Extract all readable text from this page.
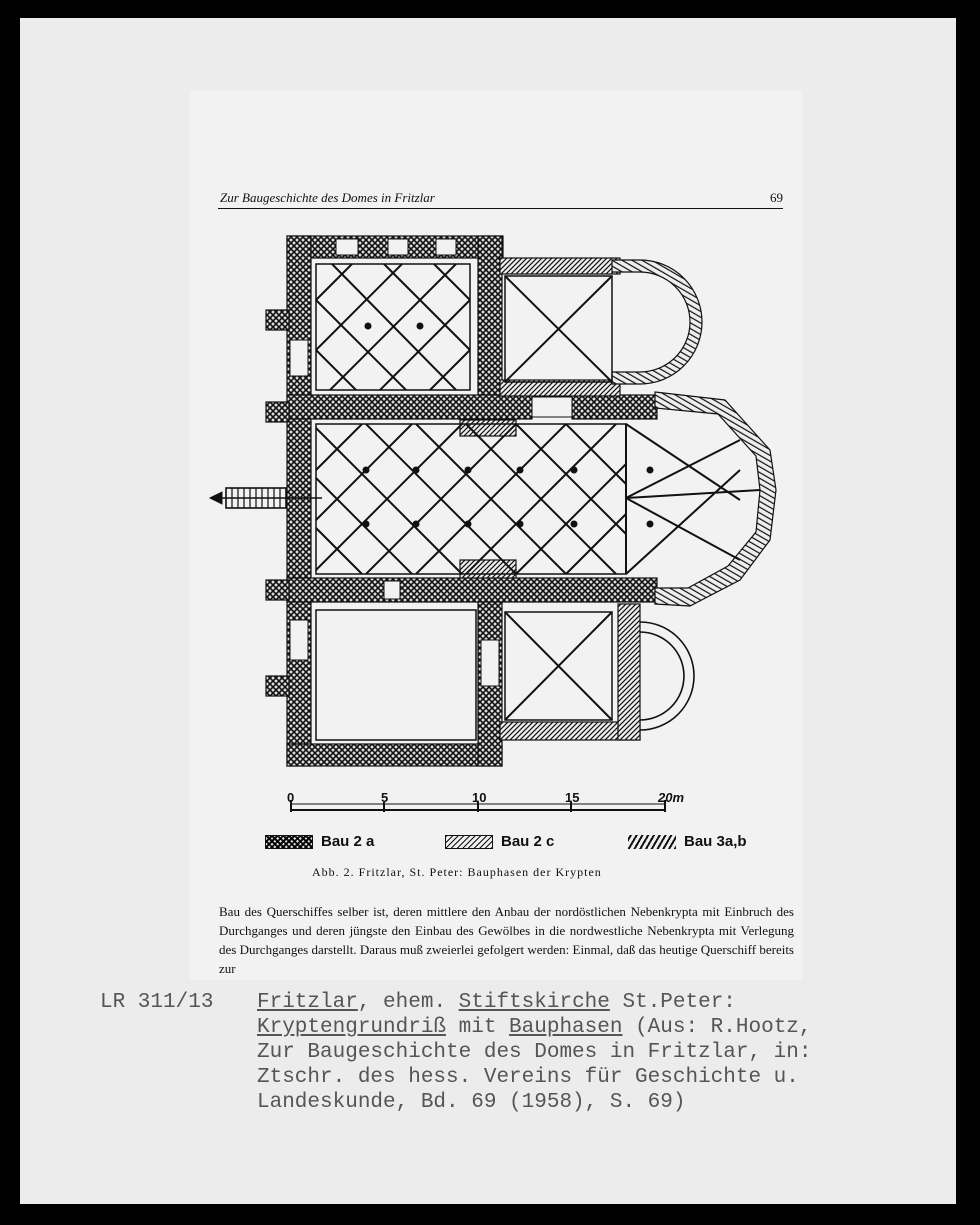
Zur Baugeschichte des Domes in Fritzlar	69
0	5	10	15	20m
Bau 2 a	Bau 2 c	Bau 3a,b
Abb. 2. Fritzlar, St. Peter: Bauphasen der Krypten

Bau des Querschiffes selber ist, deren mittlere den Anbau der nordöstlichen Nebenkrypta mit Einbruch des Durchganges und deren jüngste den Einbau des Gewölbes in die nordwestliche Nebenkrypta mit Verlegung des Durchganges darstellt. Daraus muß zweierlei gefolgert werden: Einmal, daß das heutige Querschiff bereits zur

LR 311/13 Fritzlar, ehem. Stiftskirche St.Peter:
Kryptengrundriß mit Bauphasen (Aus: R.Hootz,
Zur Baugeschichte des Domes in Fritzlar, in:
Ztschr. des hess. Vereins für Geschichte u.
Landeskunde, Bd. 69 (1958), S. 69)
